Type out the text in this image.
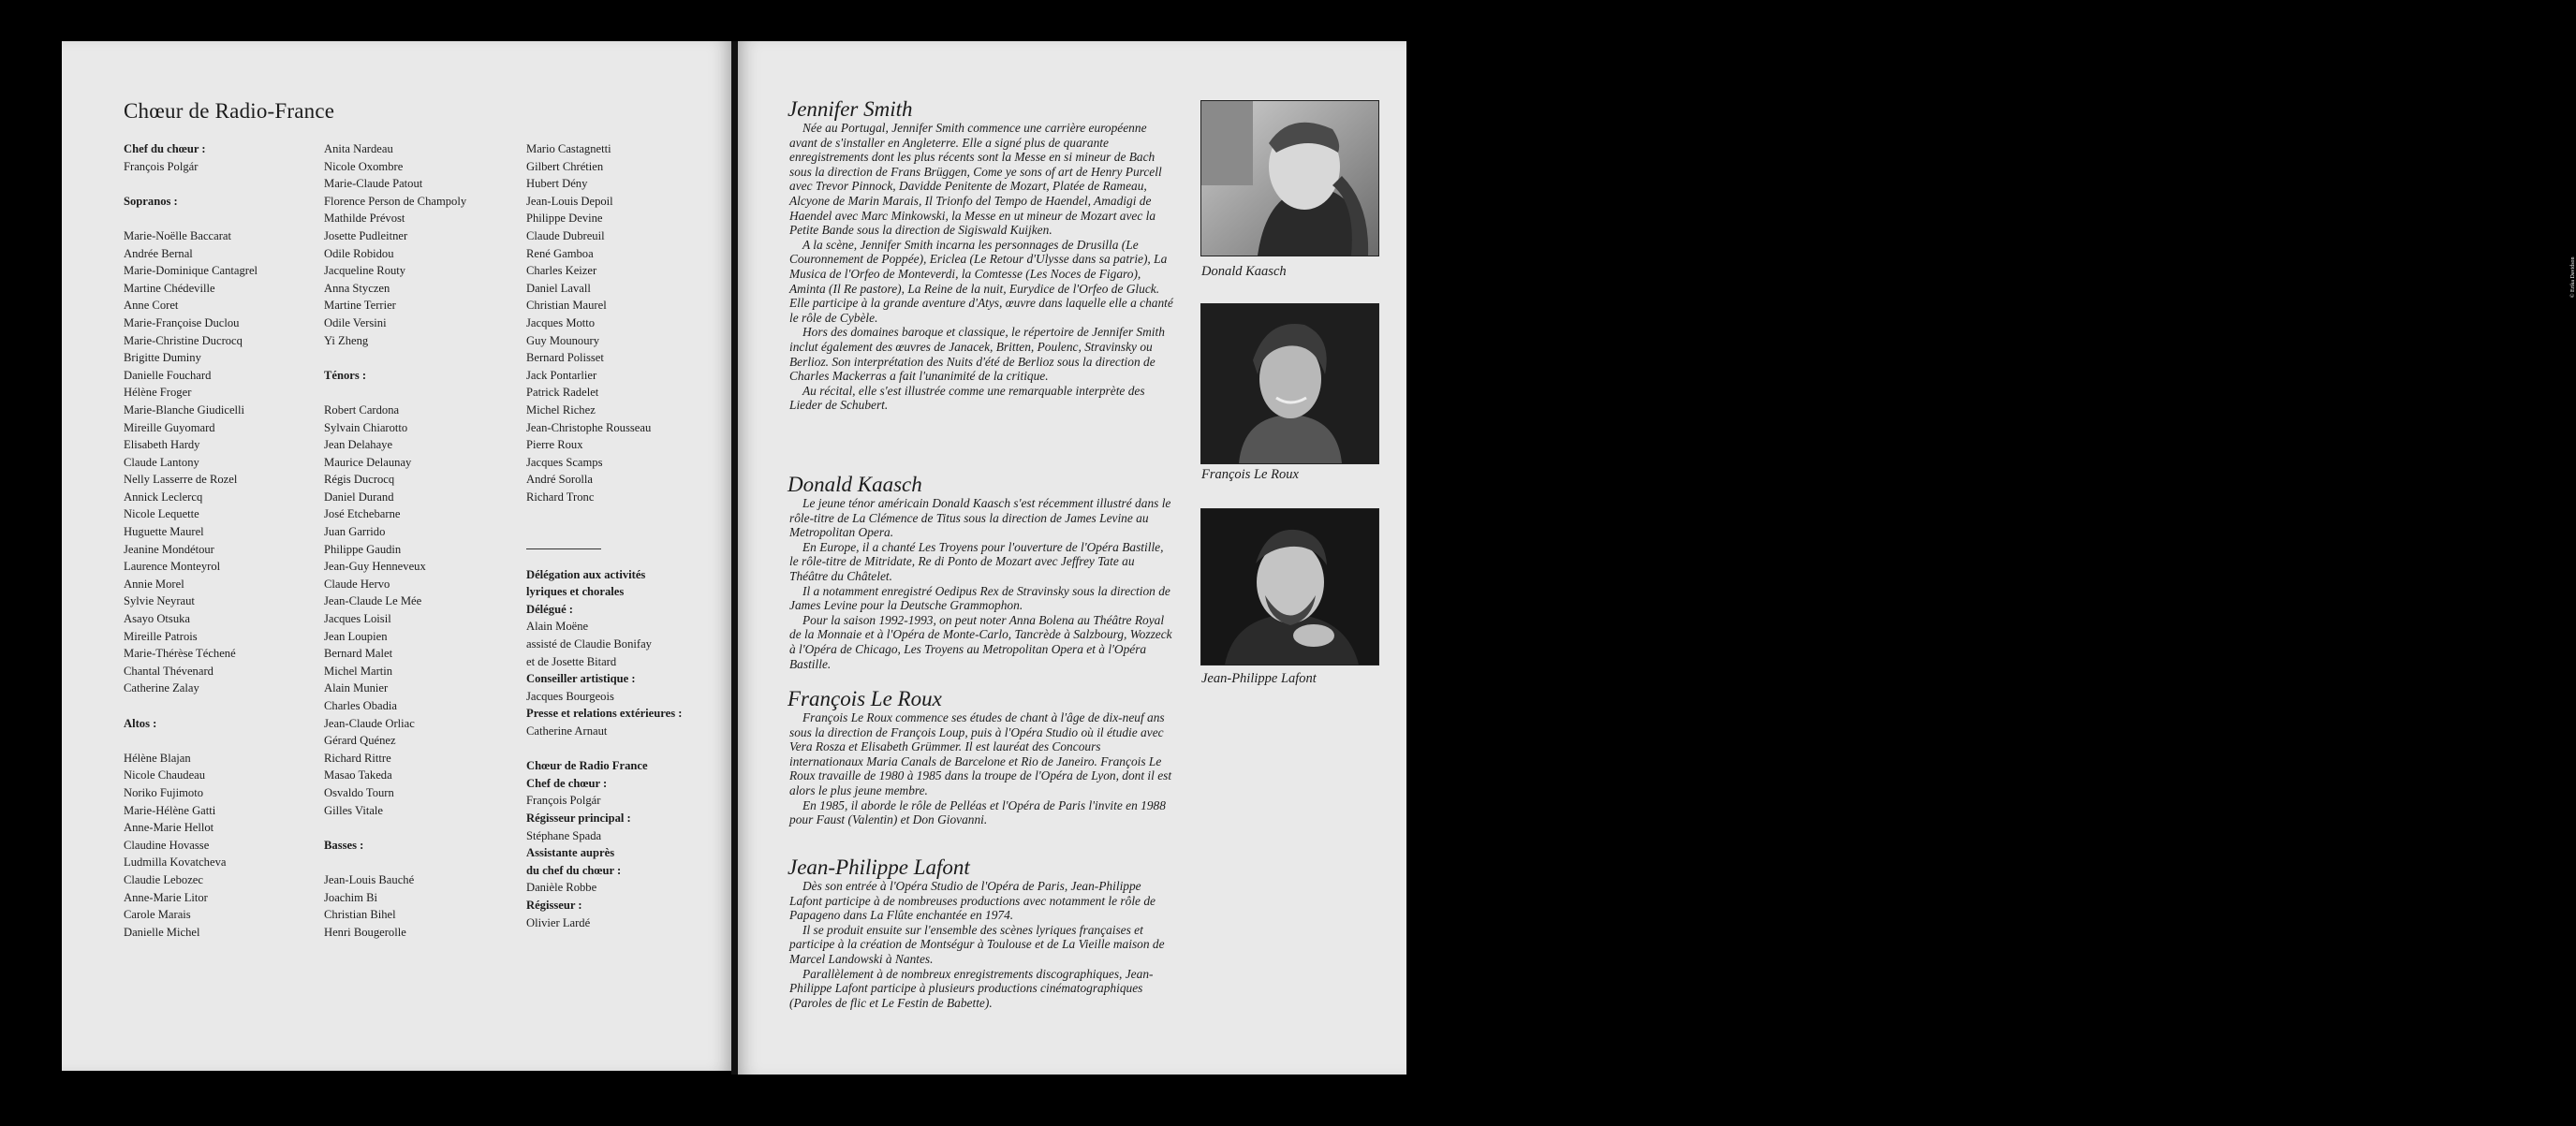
Chœur de Radio-France
Chef du chœur :
François Polgár
Sopranos :
Marie-Noëlle Baccarat
Andrée Bernal
Marie-Dominique Cantagrel
Martine Chédeville
Anne Coret
Marie-Françoise Duclou
Marie-Christine Ducrocq
Brigitte Duminy
Danielle Fouchard
Hélène Froger
Marie-Blanche Giudicelli
Mireille Guyomard
Elisabeth Hardy
Claude Lantony
Nelly Lasserre de Rozel
Annick Leclercq
Nicole Lequette
Huguette Maurel
Jeanine Mondétour
Laurence Monteyrol
Annie Morel
Sylvie Neyraut
Asayo Otsuka
Mireille Patrois
Marie-Thérèse Téchené
Chantal Thévenard
Catherine Zalay
Altos :
Hélène Blajan
Nicole Chaudeau
Noriko Fujimoto
Marie-Hélène Gatti
Anne-Marie Hellot
Claudine Hovasse
Ludmilla Kovatcheva
Claudie Lebozec
Anne-Marie Litor
Carole Marais
Danielle Michel
Anita Nardeau
Nicole Oxombre
Marie-Claude Patout
Florence Person de Champoly
Mathilde Prévost
Josette Pudleitner
Odile Robidou
Jacqueline Routy
Anna Styczen
Martine Terrier
Odile Versini
Yi Zheng
Ténors :
Robert Cardona
Sylvain Chiarotto
Jean Delahaye
Maurice Delaunay
Régis Ducrocq
Daniel Durand
José Etchebarne
Juan Garrido
Philippe Gaudin
Jean-Guy Henneveux
Claude Hervo
Jean-Claude Le Mée
Jacques Loisil
Jean Loupien
Bernard Malet
Michel Martin
Alain Munier
Charles Obadia
Jean-Claude Orliac
Gérard Quénez
Richard Rittre
Masao Takeda
Osvaldo Tourn
Gilles Vitale
Basses :
Jean-Louis Bauché
Joachim Bi
Christian Bihel
Henri Bougerolle
Mario Castagnetti
Gilbert Chrétien
Hubert Dény
Jean-Louis Depoil
Philippe Devine
Claude Dubreuil
René Gamboa
Charles Keizer
Daniel Lavall
Christian Maurel
Jacques Motto
Guy Mounoury
Bernard Polisset
Jack Pontarlier
Patrick Radelet
Michel Richez
Jean-Christophe Rousseau
Pierre Roux
Jacques Scamps
André Sorolla
Richard Tronc
Délégation aux activités
lyriques et chorales
Délégué :
Alain Moëne
assisté de Claudie Bonifay
et de Josette Bitard
Conseiller artistique :
Jacques Bourgeois
Presse et relations extérieures :
Catherine Arnaut
Chœur de Radio France
Chef de chœur :
François Polgár
Régisseur principal :
Stéphane Spada
Assistante auprès
du chef du chœur :
Danièle Robbe
Régisseur :
Olivier Lardé
Jennifer Smith

Née au Portugal, Jennifer Smith commence une carrière européenne avant de s'installer en Angleterre. Elle a signé plus de quarante enregistrements dont les plus récents sont la Messe en si mineur de Bach sous la direction de Frans Brüggen, Come ye sons of art de Henry Purcell avec Trevor Pinnock, Davidde Penitente de Mozart, Platée de Rameau, Alcyone de Marin Marais, Il Trionfo del Tempo de Haendel, Amadigi de Haendel avec Marc Minkowski, la Messe en ut mineur de Mozart avec la Petite Bande sous la direction de Sigiswald Kuijken.

A la scène, Jennifer Smith incarna les personnages de Drusilla (Le Couronnement de Poppée), Ericlea (Le Retour d'Ulysse dans sa patrie), La Musica de l'Orfeo de Monteverdi, la Comtesse (Les Noces de Figaro), Aminta (Il Re pastore), La Reine de la nuit, Eurydice de l'Orfeo de Gluck. Elle participe à la grande aventure d'Atys, œuvre dans laquelle elle a chanté le rôle de Cybèle.

Hors des domaines baroque et classique, le répertoire de Jennifer Smith inclut également des œuvres de Janacek, Britten, Poulenc, Stravinsky ou Berlioz. Son interprétation des Nuits d'été de Berlioz sous la direction de Charles Mackerras a fait l'unanimité de la critique.

Au récital, elle s'est illustrée comme une remarquable interprète des Lieder de Schubert.

Donald Kaasch

Le jeune ténor américain Donald Kaasch s'est récemment illustré dans le rôle-titre de La Clémence de Titus sous la direction de James Levine au Metropolitan Opera.

En Europe, il a chanté Les Troyens pour l'ouverture de l'Opéra Bastille, le rôle-titre de Mitridate, Re di Ponto de Mozart avec Jeffrey Tate au Théâtre du Châtelet.

Il a notamment enregistré Oedipus Rex de Stravinsky sous la direction de James Levine pour la Deutsche Grammophon.

Pour la saison 1992-1993, on peut noter Anna Bolena au Théâtre Royal de la Monnaie et à l'Opéra de Monte-Carlo, Tancrède à Salzbourg, Wozzeck à l'Opéra de Chicago, Les Troyens au Metropolitan Opera et à l'Opéra Bastille.

François Le Roux

François Le Roux commence ses études de chant à l'âge de dix-neuf ans sous la direction de François Loup, puis à l'Opéra Studio où il étudie avec Vera Rosza et Elisabeth Grümmer. Il est lauréat des Concours internationaux Maria Canals de Barcelone et Rio de Janeiro. François Le Roux travaille de 1980 à 1985 dans la troupe de l'Opéra de Lyon, dont il est alors le plus jeune membre.

En 1985, il aborde le rôle de Pelléas et l'Opéra de Paris l'invite en 1988 pour Faust (Valentin) et Don Giovanni.

Jean-Philippe Lafont

Dès son entrée à l'Opéra Studio de l'Opéra de Paris, Jean-Philippe Lafont participe à de nombreuses productions avec notamment le rôle de Papageno dans La Flûte enchantée en 1974.

Il se produit ensuite sur l'ensemble des scènes lyriques françaises et participe à la création de Montségur à Toulouse et de La Vieille maison de Marcel Landowski à Nantes.

Parallèlement à de nombreux enregistrements discographiques, Jean-Philippe Lafont participe à plusieurs productions cinématographiques (Paroles de flic et Le Festin de Babette).

© Erika Davidson
Donald Kaasch
François Le Roux
Jean-Philippe Lafont
